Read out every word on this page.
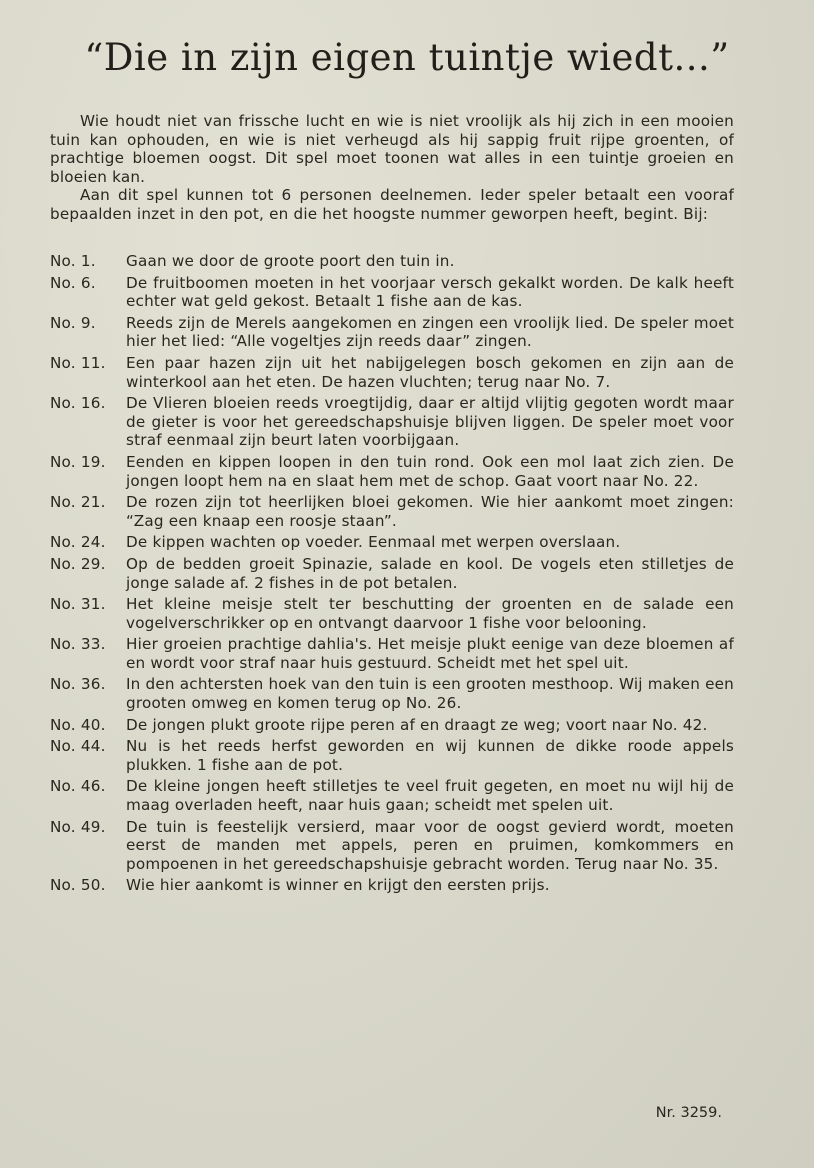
“Die in zijn eigen tuintje wiedt...”

Wie houdt niet van frissche lucht en wie is niet vroolijk als hij zich in een mooien tuin kan ophouden, en wie is niet verheugd als hij sappig fruit rijpe groenten, of prachtige bloemen oogst. Dit spel moet toonen wat alles in een tuintje groeien en bloeien kan.

Aan dit spel kunnen tot 6 personen deelnemen. Ieder speler betaalt een vooraf bepaalden inzet in den pot, en die het hoogste nummer geworpen heeft, begint. Bij:

No. 1.	Gaan we door de groote poort den tuin in.
No. 6.	De fruitboomen moeten in het voorjaar versch gekalkt worden. De kalk heeft echter wat geld gekost. Betaalt 1 fishe aan de kas.
No. 9.	Reeds zijn de Merels aangekomen en zingen een vroolijk lied. De speler moet hier het lied: “Alle vogeltjes zijn reeds daar” zingen.
No. 11.	Een paar hazen zijn uit het nabijgelegen bosch gekomen en zijn aan de winterkool aan het eten. De hazen vluchten; terug naar No. 7.
No. 16.	De Vlieren bloeien reeds vroegtijdig, daar er altijd vlijtig gegoten wordt maar de gieter is voor het gereedschapshuisje blijven liggen. De speler moet voor straf eenmaal zijn beurt laten voorbijgaan.
No. 19.	Eenden en kippen loopen in den tuin rond. Ook een mol laat zich zien. De jongen loopt hem na en slaat hem met de schop. Gaat voort naar No. 22.
No. 21.	De rozen zijn tot heerlijken bloei gekomen. Wie hier aankomt moet zingen: “Zag een knaap een roosje staan”.
No. 24.	De kippen wachten op voeder. Eenmaal met werpen overslaan.
No. 29.	Op de bedden groeit Spinazie, salade en kool. De vogels eten stilletjes de jonge salade af. 2 fishes in de pot betalen.
No. 31.	Het kleine meisje stelt ter beschutting der groenten en de salade een vogelverschrikker op en ontvangt daarvoor 1 fishe voor belooning.
No. 33.	Hier groeien prachtige dahlia's. Het meisje plukt eenige van deze bloemen af en wordt voor straf naar huis gestuurd. Scheidt met het spel uit.
No. 36.	In den achtersten hoek van den tuin is een grooten mesthoop. Wij maken een grooten omweg en komen terug op No. 26.
No. 40.	De jongen plukt groote rijpe peren af en draagt ze weg; voort naar No. 42.
No. 44.	Nu is het reeds herfst geworden en wij kunnen de dikke roode appels plukken. 1 fishe aan de pot.
No. 46.	De kleine jongen heeft stilletjes te veel fruit gegeten, en moet nu wijl hij de maag overladen heeft, naar huis gaan; scheidt met spelen uit.
No. 49.	De tuin is feestelijk versierd, maar voor de oogst gevierd wordt, moeten eerst de manden met appels, peren en pruimen, komkommers en pompoenen in het gereedschapshuisje gebracht worden. Terug naar No. 35.
No. 50.	Wie hier aankomt is winner en krijgt den eersten prijs.
Nr. 3259.
